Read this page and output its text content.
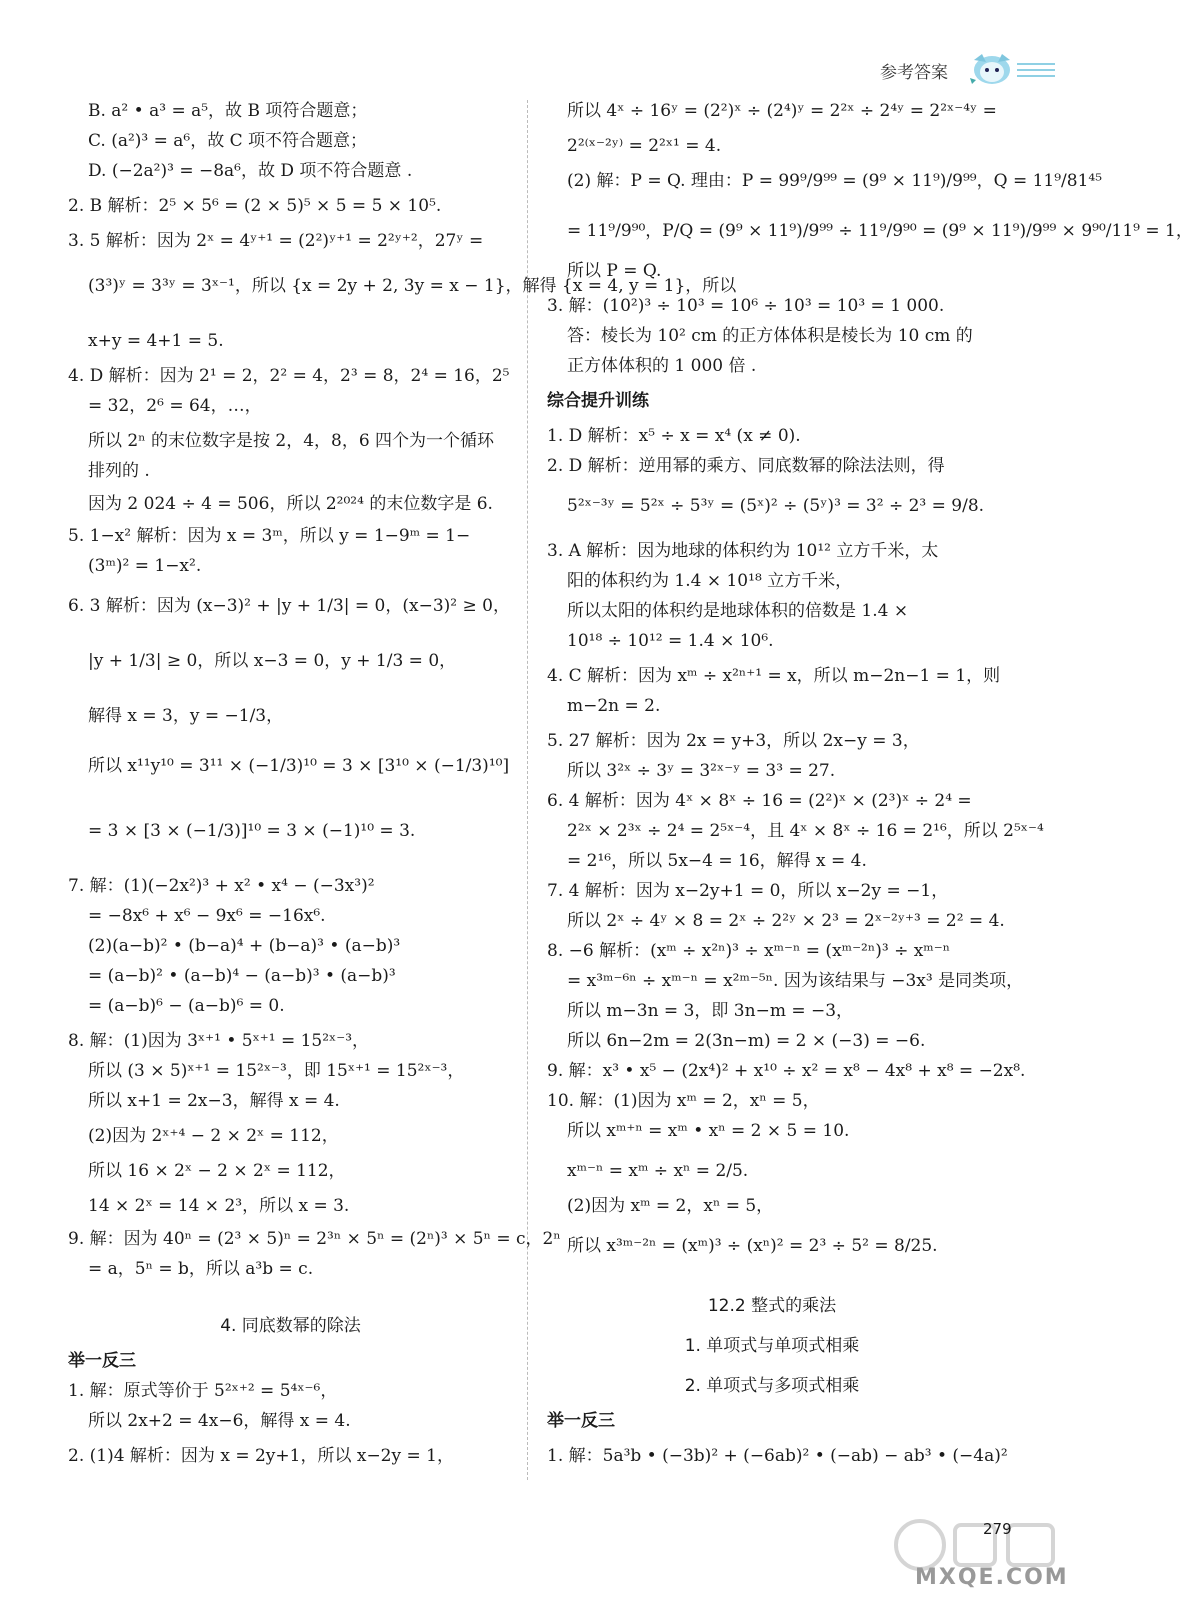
参考答案
B. a² • a³ = a⁵，故 B 项符合题意；
C. (a²)³ = a⁶，故 C 项不符合题意；
D. (−2a²)³ = −8a⁶，故 D 项不符合题意 .
2. B 解析：2⁵ × 5⁶ = (2 × 5)⁵ × 5 = 5 × 10⁵.
3. 5 解析：因为 2ˣ = 4ʸ⁺¹ = (2²)ʸ⁺¹ = 2²ʸ⁺²，27ʸ =
(3³)ʸ = 3³ʸ = 3ˣ⁻¹，所以 {x = 2y + 2, 3y = x − 1}，解得 {x = 4, y = 1}，所以
x+y = 4+1 = 5.
4. D 解析：因为 2¹ = 2，2² = 4，2³ = 8，2⁴ = 16，2⁵
= 32，2⁶ = 64，…，
所以 2ⁿ 的末位数字是按 2，4，8，6 四个为一个循环
排列的 .
因为 2 024 ÷ 4 = 506，所以 2²⁰²⁴ 的末位数字是 6.
5. 1−x² 解析：因为 x = 3ᵐ，所以 y = 1−9ᵐ = 1−
(3ᵐ)² = 1−x².
6. 3 解析：因为 (x−3)² + |y + 1/3| = 0，(x−3)² ≥ 0，
|y + 1/3| ≥ 0，所以 x−3 = 0，y + 1/3 = 0，
解得 x = 3，y = −1/3，
所以 x¹¹y¹⁰ = 3¹¹ × (−1/3)¹⁰ = 3 × [3¹⁰ × (−1/3)¹⁰]
= 3 × [3 × (−1/3)]¹⁰ = 3 × (−1)¹⁰ = 3.
7. 解：(1)(−2x²)³ + x² • x⁴ − (−3x³)²
= −8x⁶ + x⁶ − 9x⁶ = −16x⁶.
(2)(a−b)² • (b−a)⁴ + (b−a)³ • (a−b)³
= (a−b)² • (a−b)⁴ − (a−b)³ • (a−b)³
= (a−b)⁶ − (a−b)⁶ = 0.
8. 解：(1)因为 3ˣ⁺¹ • 5ˣ⁺¹ = 15²ˣ⁻³，
所以 (3 × 5)ˣ⁺¹ = 15²ˣ⁻³，即 15ˣ⁺¹ = 15²ˣ⁻³，
所以 x+1 = 2x−3，解得 x = 4.
(2)因为 2ˣ⁺⁴ − 2 × 2ˣ = 112，
所以 16 × 2ˣ − 2 × 2ˣ = 112，
14 × 2ˣ = 14 × 2³，所以 x = 3.
9. 解：因为 40ⁿ = (2³ × 5)ⁿ = 2³ⁿ × 5ⁿ = (2ⁿ)³ × 5ⁿ = c，2ⁿ
= a，5ⁿ = b，所以 a³b = c.
4. 同底数幂的除法
举一反三
1. 解：原式等价于 5²ˣ⁺² = 5⁴ˣ⁻⁶，
所以 2x+2 = 4x−6，解得 x = 4.
2. (1)4 解析：因为 x = 2y+1，所以 x−2y = 1，
所以 4ˣ ÷ 16ʸ = (2²)ˣ ÷ (2⁴)ʸ = 2²ˣ ÷ 2⁴ʸ = 2²ˣ⁻⁴ʸ =
2²⁽ˣ⁻²ʸ⁾ = 2²ˣ¹ = 4.
(2) 解：P = Q. 理由：P = 99⁹/9⁹⁹ = (9⁹ × 11⁹)/9⁹⁹，Q = 11⁹/81⁴⁵
= 11⁹/9⁹⁰，P/Q = (9⁹ × 11⁹)/9⁹⁹ ÷ 11⁹/9⁹⁰ = (9⁹ × 11⁹)/9⁹⁹ × 9⁹⁰/11⁹ = 1，
所以 P = Q.
3. 解：(10²)³ ÷ 10³ = 10⁶ ÷ 10³ = 10³ = 1 000.
答：棱长为 10² cm 的正方体体积是棱长为 10 cm 的
正方体体积的 1 000 倍 .
综合提升训练
1. D 解析：x⁵ ÷ x = x⁴ (x ≠ 0).
2. D 解析：逆用幂的乘方、同底数幂的除法法则，得
5²ˣ⁻³ʸ = 5²ˣ ÷ 5³ʸ = (5ˣ)² ÷ (5ʸ)³ = 3² ÷ 2³ = 9/8.
3. A 解析：因为地球的体积约为 10¹² 立方千米，太
阳的体积约为 1.4 × 10¹⁸ 立方千米，
所以太阳的体积约是地球体积的倍数是 1.4 ×
10¹⁸ ÷ 10¹² = 1.4 × 10⁶.
4. C 解析：因为 xᵐ ÷ x²ⁿ⁺¹ = x，所以 m−2n−1 = 1，则
m−2n = 2.
5. 27 解析：因为 2x = y+3，所以 2x−y = 3，
所以 3²ˣ ÷ 3ʸ = 3²ˣ⁻ʸ = 3³ = 27.
6. 4 解析：因为 4ˣ × 8ˣ ÷ 16 = (2²)ˣ × (2³)ˣ ÷ 2⁴ =
2²ˣ × 2³ˣ ÷ 2⁴ = 2⁵ˣ⁻⁴，且 4ˣ × 8ˣ ÷ 16 = 2¹⁶，所以 2⁵ˣ⁻⁴
= 2¹⁶，所以 5x−4 = 16，解得 x = 4.
7. 4 解析：因为 x−2y+1 = 0，所以 x−2y = −1，
所以 2ˣ ÷ 4ʸ × 8 = 2ˣ ÷ 2²ʸ × 2³ = 2ˣ⁻²ʸ⁺³ = 2² = 4.
8. −6 解析：(xᵐ ÷ x²ⁿ)³ ÷ xᵐ⁻ⁿ = (xᵐ⁻²ⁿ)³ ÷ xᵐ⁻ⁿ
= x³ᵐ⁻⁶ⁿ ÷ xᵐ⁻ⁿ = x²ᵐ⁻⁵ⁿ. 因为该结果与 −3x³ 是同类项，
所以 m−3n = 3，即 3n−m = −3，
所以 6n−2m = 2(3n−m) = 2 × (−3) = −6.
9. 解：x³ • x⁵ − (2x⁴)² + x¹⁰ ÷ x² = x⁸ − 4x⁸ + x⁸ = −2x⁸.
10. 解：(1)因为 xᵐ = 2，xⁿ = 5，
所以 xᵐ⁺ⁿ = xᵐ • xⁿ = 2 × 5 = 10.
xᵐ⁻ⁿ = xᵐ ÷ xⁿ = 2/5.
(2)因为 xᵐ = 2，xⁿ = 5，
所以 x³ᵐ⁻²ⁿ = (xᵐ)³ ÷ (xⁿ)² = 2³ ÷ 5² = 8/25.
12.2 整式的乘法
1. 单项式与单项式相乘
2. 单项式与多项式相乘
举一反三
1. 解：5a³b • (−3b)² + (−6ab)² • (−ab) − ab³ • (−4a)²
MXQE.COM
279
